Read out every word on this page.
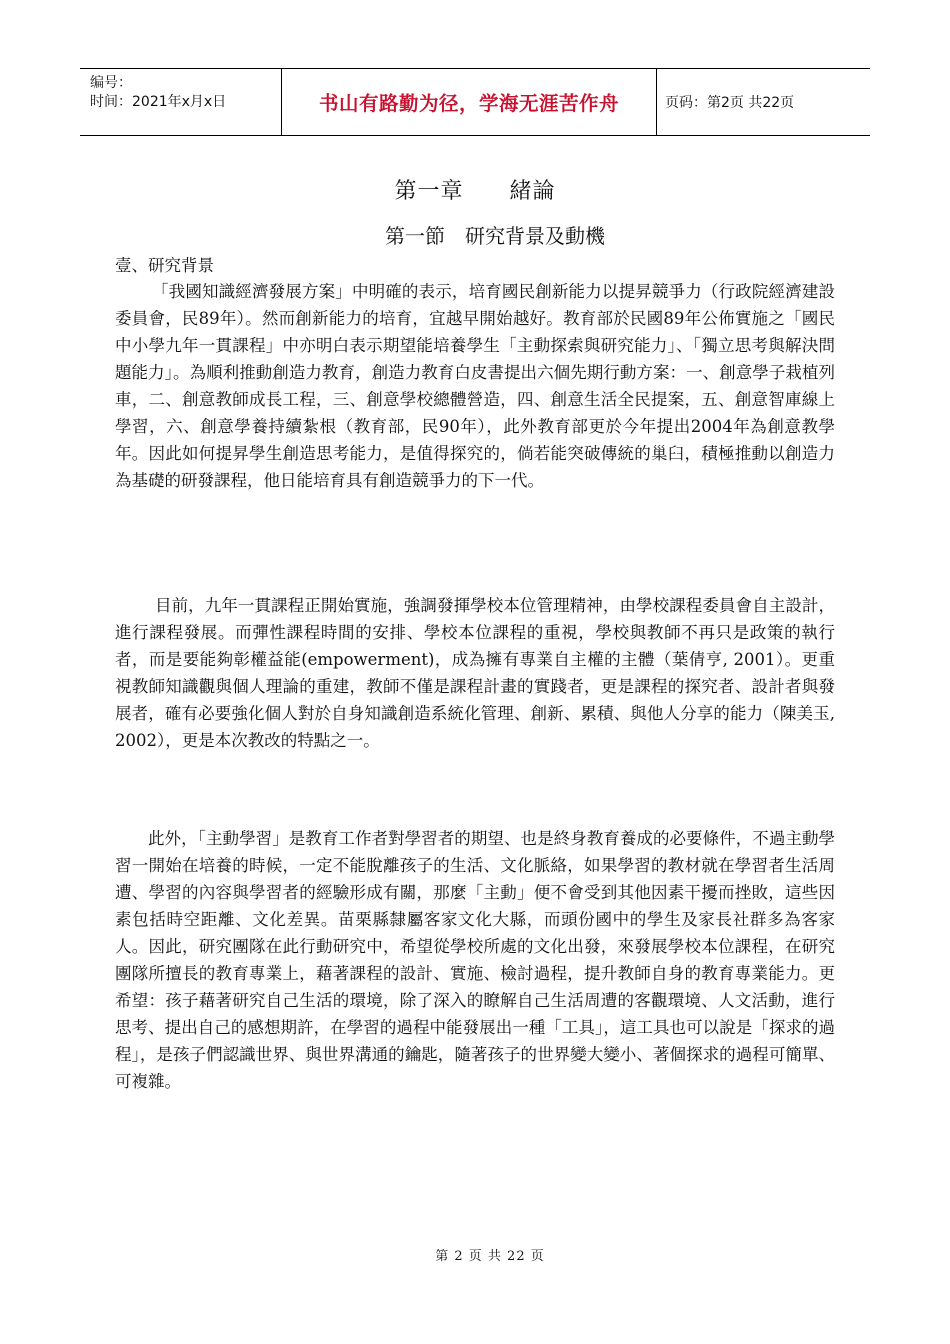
编号：
时间：2021年x月x日	书山有路勤为径，学海无涯苦作舟	页码：第2页 共22页
第一章　　緒論
第一節　研究背景及動機
壹、研究背景

「我國知識經濟發展方案」中明確的表示，培育國民創新能力以提昇競爭力（行政院經濟建設委員會，民89年）。然而創新能力的培育，宜越早開始越好。教育部於民國89年公佈實施之「國民中小學九年一貫課程」中亦明白表示期望能培養學生「主動探索與研究能力」、「獨立思考與解決問題能力」。為順利推動創造力教育，創造力教育白皮書提出六個先期行動方案：一、創意學子栽植列車，二、創意教師成長工程，三、創意學校總體營造，四、創意生活全民提案，五、創意智庫線上學習，六、創意學養持續紮根（教育部，民90年），此外教育部更於今年提出2004年為創意教學年。因此如何提昇學生創造思考能力，是值得探究的，倘若能突破傳統的巢臼，積極推動以創造力為基礎的研發課程，他日能培育具有創造競爭力的下一代。

目前，九年一貫課程正開始實施，強調發揮學校本位管理精神，由學校課程委員會自主設計，進行課程發展。而彈性課程時間的安排、學校本位課程的重視，學校與教師不再只是政策的執行者，而是要能夠彰權益能(empowerment)，成為擁有專業自主權的主體（葉倩亨, 2001）。更重視教師知識觀與個人理論的重建，教師不僅是課程計畫的實踐者，更是課程的探究者、設計者與發展者，確有必要強化個人對於自身知識創造系統化管理、創新、累積、與他人分享的能力（陳美玉, 2002），更是本次教改的特點之一。

此外，「主動學習」是教育工作者對學習者的期望、也是終身教育養成的必要條件，不過主動學習一開始在培養的時候，一定不能脫離孩子的生活、文化脈絡，如果學習的教材就在學習者生活周遭、學習的內容與學習者的經驗形成有關，那麼「主動」便不會受到其他因素干擾而挫敗，這些因素包括時空距離、文化差異。苗栗縣隸屬客家文化大縣，而頭份國中的學生及家長社群多為客家人。因此，研究團隊在此行動研究中，希望從學校所處的文化出發，來發展學校本位課程，在研究團隊所擅長的教育專業上，藉著課程的設計、實施、檢討過程，提升教師自身的教育專業能力。更希望：孩子藉著研究自己生活的環境，除了深入的瞭解自己生活周遭的客觀環境、人文活動，進行思考、提出自己的感想期許，在學習的過程中能發展出一種「工具」，這工具也可以說是「探求的過程」，是孩子們認識世界、與世界溝通的鑰匙，隨著孩子的世界變大變小、著個探求的過程可簡單、可複雜。

第 2 页 共 22 页
